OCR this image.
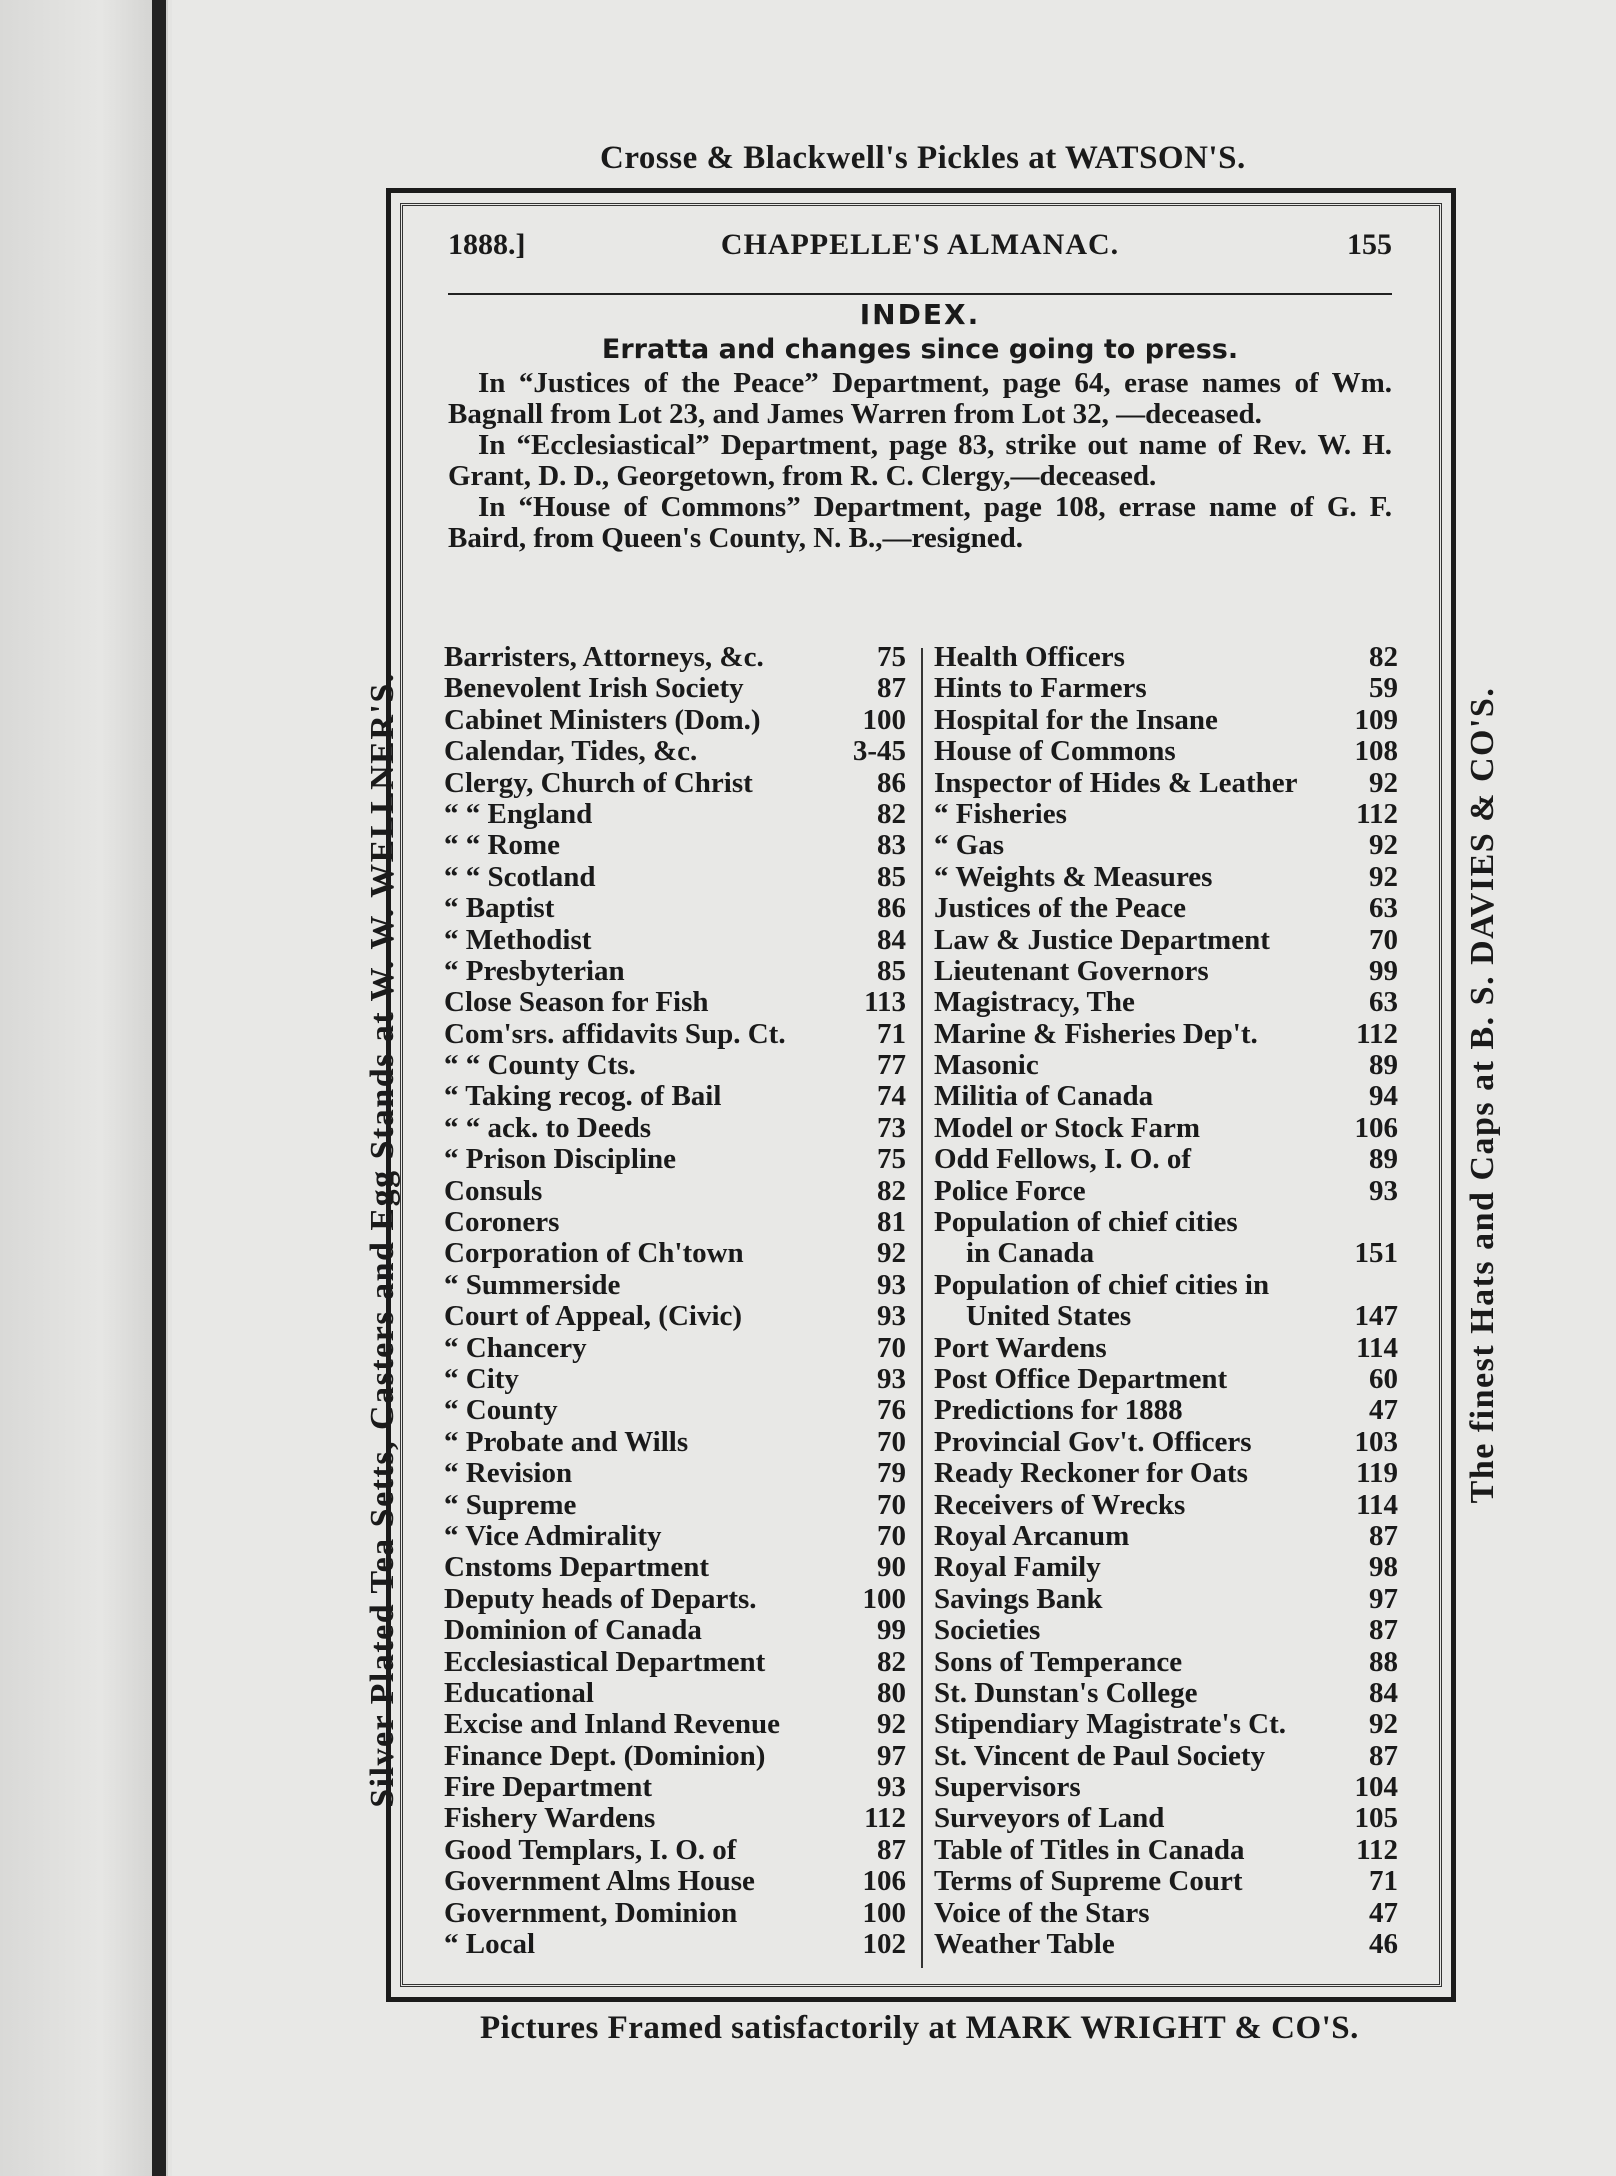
Crosse & Blackwell's Pickles at WATSON'S.
Silver Plated Tea Setts, Casters and Egg Stands at W. W. WELLNER'S.	The finest Hats and Caps at B. S. DAVIES & CO'S.
Pictures Framed satisfactorily at MARK WRIGHT & CO'S.
1888.]	CHAPPELLE'S ALMANAC.	155
INDEX.
Erratta and changes since going to press.

In “Justices of the Peace” Department, page 64, erase names of Wm. Bagnall from Lot 23, and James Warren from Lot 32, —deceased.

In “Ecclesiastical” Department, page 83, strike out name of Rev. W. H. Grant, D. D., Georgetown, from R. C. Clergy,—deceased.

In “House of Commons” Department, page 108, errase name of G. F. Baird, from Queen's County, N. B.,—resigned.

Barristers, Attorneys, &c.	75
Benevolent Irish Society	87
Cabinet Ministers (Dom.)	100
Calendar, Tides, &c.	3-45
Clergy, Church of Christ	86
“ “ England	82
“ “ Rome	83
“ “ Scotland	85
“ Baptist	86
“ Methodist	84
“ Presbyterian	85
Close Season for Fish	113
Com'srs. affidavits Sup. Ct.	71
“ “ County Cts.	77
“ Taking recog. of Bail	74
“ “ ack. to Deeds	73
“ Prison Discipline	75
Consuls	82
Coroners	81
Corporation of Ch'town	92
“ Summerside	93
Court of Appeal, (Civic)	93
“ Chancery	70
“ City	93
“ County	76
“ Probate and Wills	70
“ Revision	79
“ Supreme	70
“ Vice Admirality	70
Cnstoms Department	90
Deputy heads of Departs.	100
Dominion of Canada	99
Ecclesiastical Department	82
Educational	80
Excise and Inland Revenue	92
Finance Dept. (Dominion)	97
Fire Department	93
Fishery Wardens	112
Good Templars, I. O. of	87
Government Alms House	106
Government, Dominion	100
“ Local	102
Health Officers	82
Hints to Farmers	59
Hospital for the Insane	109
House of Commons	108
Inspector of Hides & Leather 92
“ Fisheries	112
“ Gas	92
“ Weights & Measures	92
Justices of the Peace	63
Law & Justice Department	70
Lieutenant Governors	99
Magistracy, The	63
Marine & Fisheries Dep't.	112
Masonic	89
Militia of Canada	94
Model or Stock Farm	106
Odd Fellows, I. O. of	89
Police Force	93
Population of chief cities
in Canada	151
Population of chief cities in
United States	147
Port Wardens	114
Post Office Department	60
Predictions for 1888	47
Provincial Gov't. Officers	103
Ready Reckoner for Oats	119
Receivers of Wrecks	114
Royal Arcanum	87
Royal Family	98
Savings Bank	97
Societies	87
Sons of Temperance	88
St. Dunstan's College	84
Stipendiary Magistrate's Ct.	92
St. Vincent de Paul Society	87
Supervisors	104
Surveyors of Land	105
Table of Titles in Canada	112
Terms of Supreme Court	71
Voice of the Stars	47
Weather Table	46
